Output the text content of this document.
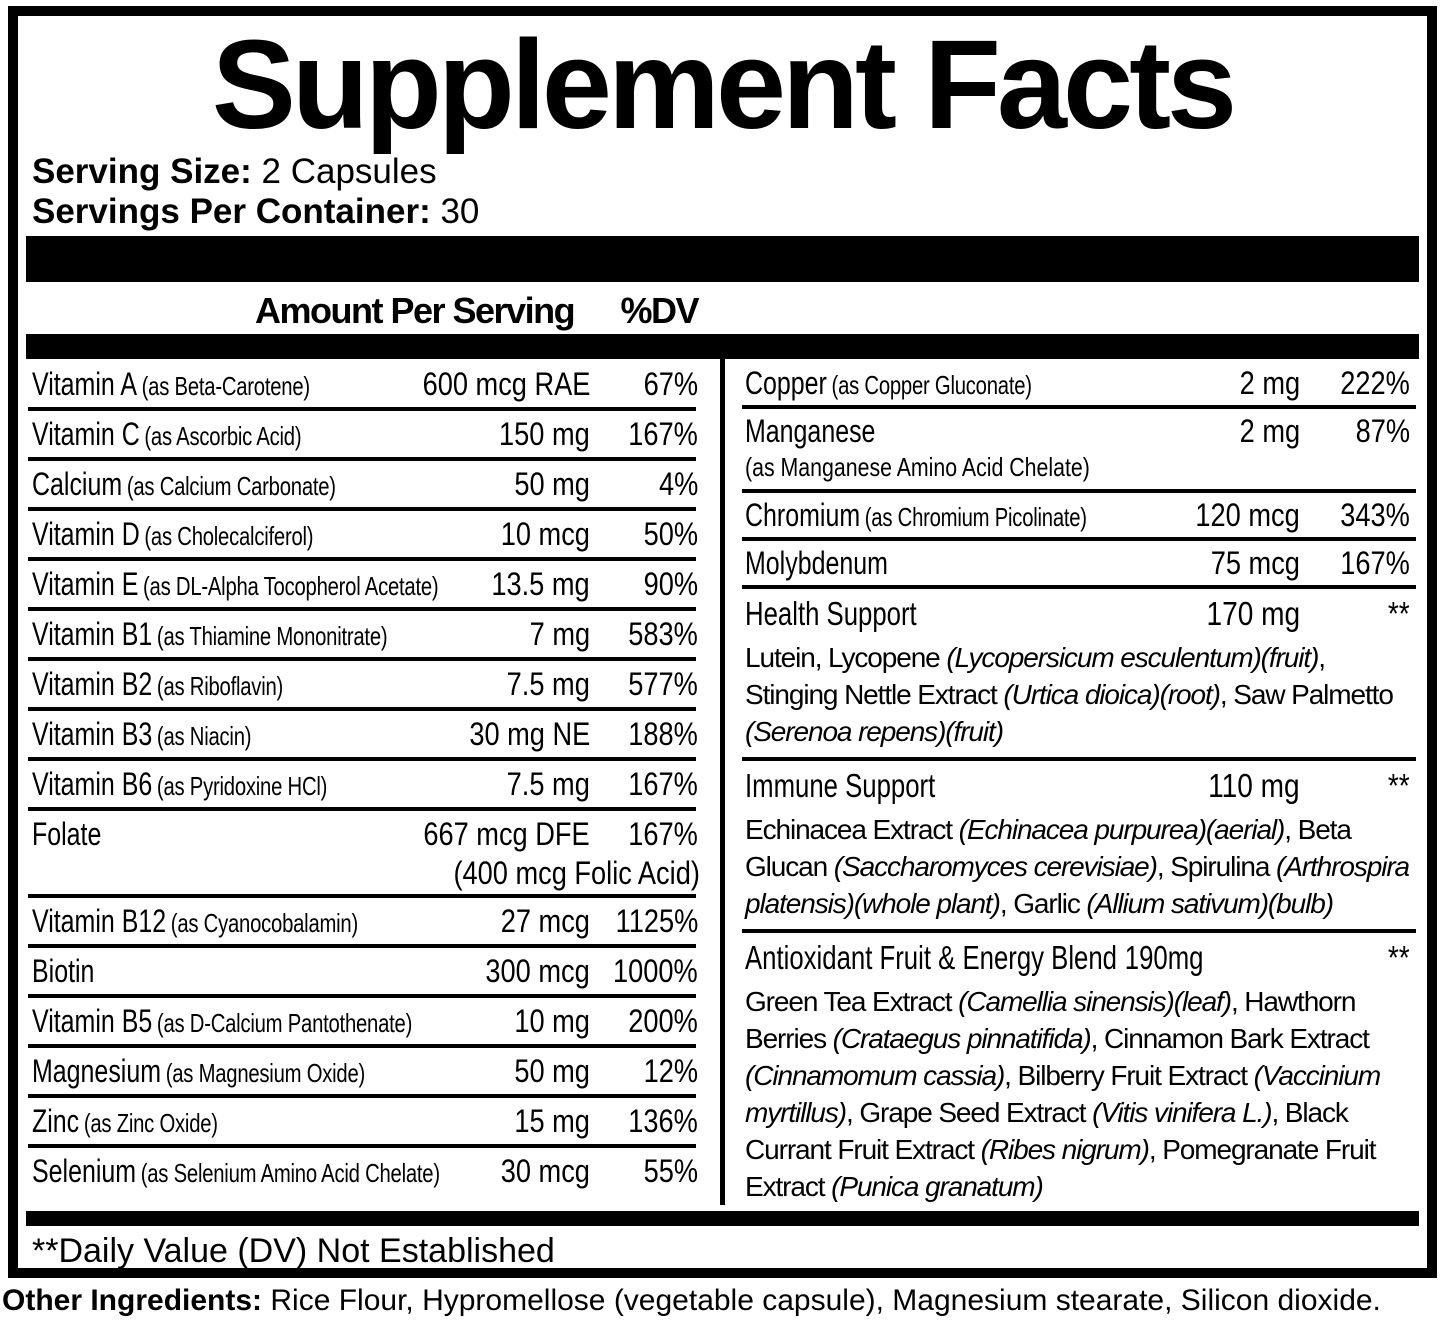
Supplement Facts
Serving Size: 2 Capsules
Servings Per Container: 30
Amount Per Serving	%DV
Vitamin A (as Beta-Carotene)	600 mcg RAE 67%
Vitamin C (as Ascorbic Acid)	150 mg 167%
Calcium (as Calcium Carbonate)	50 mg 4%
Vitamin D (as Cholecalciferol)	10 mcg 50%
Vitamin E (as DL-Alpha Tocopherol Acetate) 13.5 mg 90%
Vitamin B1 (as Thiamine Mononitrate)	7 mg 583%
Vitamin B2 (as Riboflavin)	7.5 mg 577%
Vitamin B3 (as Niacin)	30 mg NE 188%
Vitamin B6 (as Pyridoxine HCl)	7.5 mg 167%
Folate	667 mcg DFE 167%
(400 mcg Folic Acid)
Vitamin B12 (as Cyanocobalamin)	27 mcg 1125%
Biotin	300 mcg 1000%
Vitamin B5 (as D-Calcium Pantothenate)	10 mg 200%
Magnesium (as Magnesium Oxide)	50 mg 12%
Zinc (as Zinc Oxide)	15 mg 136%
Selenium (as Selenium Amino Acid Chelate) 30 mcg 55%
Copper (as Copper Gluconate)	2 mg 222%
Manganese	2 mg 87%
(as Manganese Amino Acid Chelate)
Chromium (as Chromium Picolinate)	120 mcg 343%
Molybdenum	75 mcg 167%
Health Support	170 mg	**
Lutein, Lycopene (Lycopersicum esculentum)(fruit), Stinging Nettle Extract (Urtica dioica)(root), Saw Palmetto (Serenoa repens)(fruit)
Immune Support	110 mg	**
Echinacea Extract (Echinacea purpurea)(aerial), Beta Glucan (Saccharomyces cerevisiae), Spirulina (Arthrospira platensis)(whole plant), Garlic (Allium sativum)(bulb)
Antioxidant Fruit & Energy Blend 190mg	**
Green Tea Extract (Camellia sinensis)(leaf), Hawthorn Berries (Crataegus pinnatifida), Cinnamon Bark Extract (Cinnamomum cassia), Bilberry Fruit Extract (Vaccinium myrtillus), Grape Seed Extract (Vitis vinifera L.), Black Currant Fruit Extract (Ribes nigrum), Pomegranate Fruit Extract (Punica granatum)
**Daily Value (DV) Not Established
Other Ingredients: Rice Flour, Hypromellose (vegetable capsule), Magnesium stearate, Silicon dioxide.
